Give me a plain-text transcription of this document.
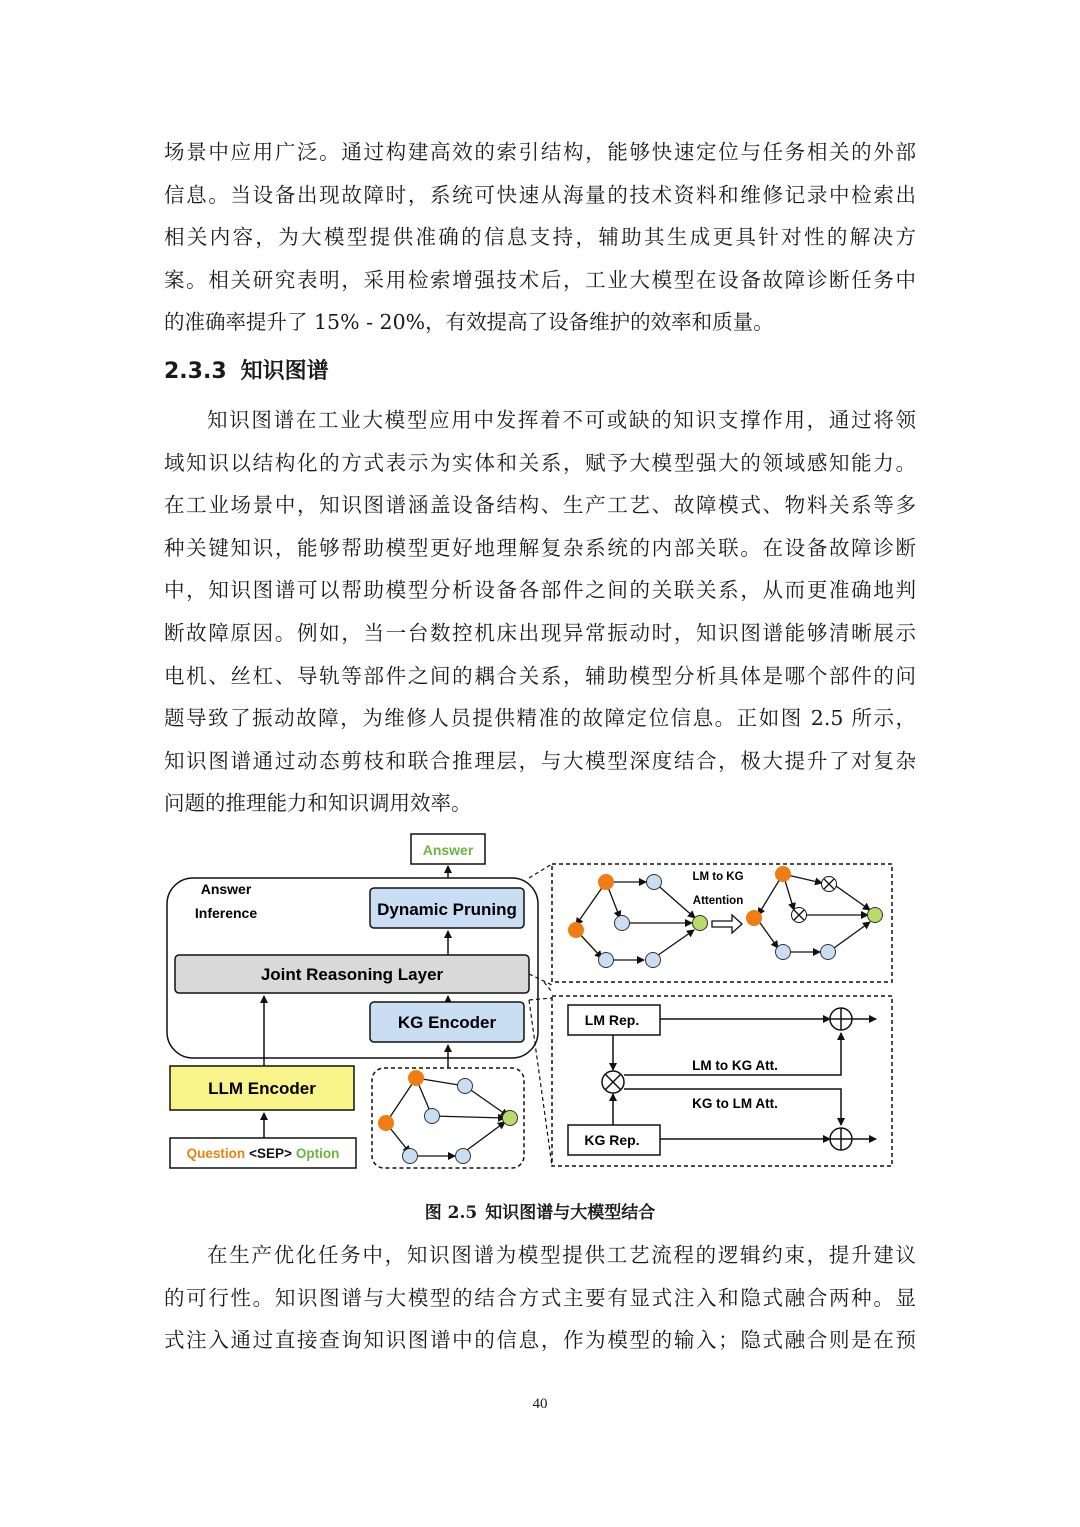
场景中应用广泛。通过构建高效的索引结构，能够快速定位与任务相关的外部
信息。当设备出现故障时，系统可快速从海量的技术资料和维修记录中检索出
相关内容，为大模型提供准确的信息支持，辅助其生成更具针对性的解决方
案。相关研究表明，采用检索增强技术后，工业大模型在设备故障诊断任务中
的准确率提升了 15% - 20%，有效提高了设备维护的效率和质量。
2.3.3 知识图谱
知识图谱在工业大模型应用中发挥着不可或缺的知识支撑作用，通过将领
域知识以结构化的方式表示为实体和关系，赋予大模型强大的领域感知能力。
在工业场景中，知识图谱涵盖设备结构、生产工艺、故障模式、物料关系等多
种关键知识，能够帮助模型更好地理解复杂系统的内部关联。在设备故障诊断
中，知识图谱可以帮助模型分析设备各部件之间的关联关系，从而更准确地判
断故障原因。例如，当一台数控机床出现异常振动时，知识图谱能够清晰展示
电机、丝杠、导轨等部件之间的耦合关系，辅助模型分析具体是哪个部件的问
题导致了振动故障，为维修人员提供精准的故障定位信息。正如图 2.5 所示，
知识图谱通过动态剪枝和联合推理层，与大模型深度结合，极大提升了对复杂
问题的推理能力和知识调用效率。
Answer
Answer
Inference	Dynamic Pruning
Joint Reasoning Layer
KG Encoder
LLM Encoder
Question <SEP> Option
LM to KG
Attention
LM Rep.
KG Rep.
LM to KG Att.
KG to LM Att.
图 2.5 知识图谱与大模型结合
在生产优化任务中，知识图谱为模型提供工艺流程的逻辑约束，提升建议
的可行性。知识图谱与大模型的结合方式主要有显式注入和隐式融合两种。显
式注入通过直接查询知识图谱中的信息，作为模型的输入；隐式融合则是在预
40
